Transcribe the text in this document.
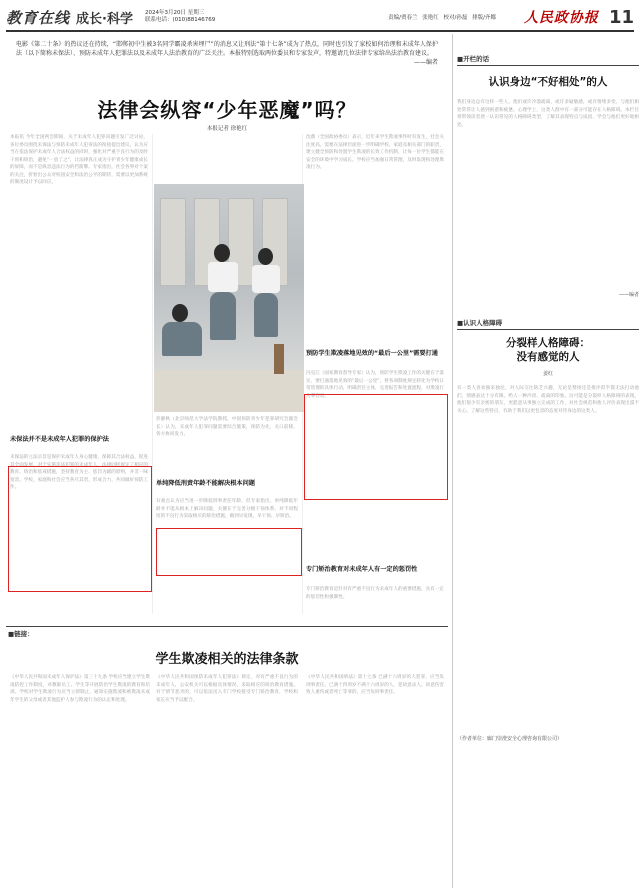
教育在线 成长·科学 2024年3月20日 星期三
联系电话：(010)88146769	责编/贾春兰 张艳红 校对/孙磊 排版/齐娜 人民政协报 11
电影《第二十条》的热议还在持续，“邯郸初中生被3名同学霸凌杀害埋尸”的消息又让刑法“第十七条”成为了热点，同时也引发了家校如何治理和未成年人保护法（以下简称未保法）、预防未成年人犯罪法以及未成年人法治教育的广泛关注。本报特别选取两位委员和专家发声，特邀请几位法律专家给出法治教育建议。
——编者
法律会纵容“少年恶魔”吗？
本报记者 徐艳红
本报讯 今年全国两会期间，关于未成年人犯罪问题引发广泛讨论，多位委员围绕未保法与预防未成年人犯罪法的衔接提出建议，认为应当在依法保护未成年人合法权益的同时，强化对严重不良行为的及时干预和矫治，避免“一放了之”，让法律真正成为守护青少年健康成长的屏障，而不是纵容违法行为的挡箭牌。专家指出，社会各界对个案的关注，折射出公众对校园安全和法治公平的期待，需要以更加系统的制度设计予以回应。
未保法并不是未成年人犯罪的保护法
未保法的立法宗旨是保护未成年人身心健康，保障其合法权益，促进其全面发展。对于实施违法犯罪的未成年人，法律同样规定了相应的教育、矫治和惩戒措施，坚持教育为主、惩罚为辅的原则，并非一味宽容。学校、家庭和社会应当各尽其责，形成合力，共同做好预防工作。
彭静秋（北京师范大学法学院教授，中国预防青少年犯罪研究会副会长）认为，未成年人犯罪问题需要综合施策，预防为先，关口前移，各方协同发力。
单纯降低刑责年龄不能解决根本问题
有观点认为应当进一步降低刑事责任年龄，但专家指出，单纯降低年龄并不能从根本上解决问题，关键在于完善分级干预体系，对不同程度的不良行为采取相应的矫治措施，做到早发现、早干预、早矫治。
沈薇（全国政协委员）表示，近年来学生欺凌事件时有发生，社会关注度高，需要在法律层面进一步明确学校、家庭及相关部门的职责，建立健全预防和处置学生欺凌的长效工作机制，让每一位学生都能在安全的环境中学习成长。学校应当加强日常管理，及时发现和处理欺凌行为。
预防学生欺凌落地见效的“最后一公里”需要打通
冯克江（国家教育督导专家）认为，预防学生欺凌工作的关键在于落实，要打通落地见效的“最后一公里”，将各项制度规定转化为学校日常管理的具体行动，明确责任主体，完善报告和处置流程，对欺凌行为零容忍。
专门矫治教育对未成年人有一定的惩罚性
专门矫治教育是针对有严重不良行为未成年人的重要措施，具有一定的惩罚性和强制性。
■链接：
学生欺凌相关的法律条款
《中华人民共和国未成年人保护法》第三十九条 学校应当建立学生欺凌防控工作制度，对教职员工、学生等开展防治学生欺凌的教育和培训。学校对学生欺凌行为应当立即制止，通知实施欺凌和被欺凌未成年学生的父母或者其他监护人参与欺凌行为的认定和处理。
《中华人民共和国预防未成年人犯罪法》规定，对有严重不良行为的未成年人，公安机关可以根据具体情况，采取相应的矫治教育措施。对于情节恶劣的，可以依法送入专门学校接受专门矫治教育，学校和家长应当予以配合。
《中华人民共和国刑法》第十七条 已满十六周岁的人犯罪，应当负刑事责任。已满十四周岁不满十六周岁的人，犯故意杀人、故意伤害致人重伤或者死亡等罪的，应当负刑事责任。
■开栏的话
认识身边“不好相处”的人
我们身边总有这样一些人，他们或许冷漠疏离，或许多疑敏感，或许情绪多变，与他们相处常常让人感到困惑和疲惫。心理学上，这类人群中有一部分可能存在人格障碍。本栏目将带领读者逐一认识常见的人格障碍类型，了解其表现特点与成因，学会与他们更好地相处。
——编者
■认识人格障碍
分裂样人格障碍：
没有感觉的人
姜红
有一类人喜欢独来独往，对人际交往缺乏兴趣，无论是赞扬还是批评似乎都无法打动他们，情感表达十分有限，给人一种冷淡、疏离的印象。这可能是分裂样人格障碍的表现。他们很少有亲密的朋友，更愿意从事独立完成的工作，对社会规范和他人评价表现出漠不关心。了解这些特点，有助于我们以更包容的态度对待身边的这类人。
（作者单位：廊门崇澄安全心理咨询有限公司）
